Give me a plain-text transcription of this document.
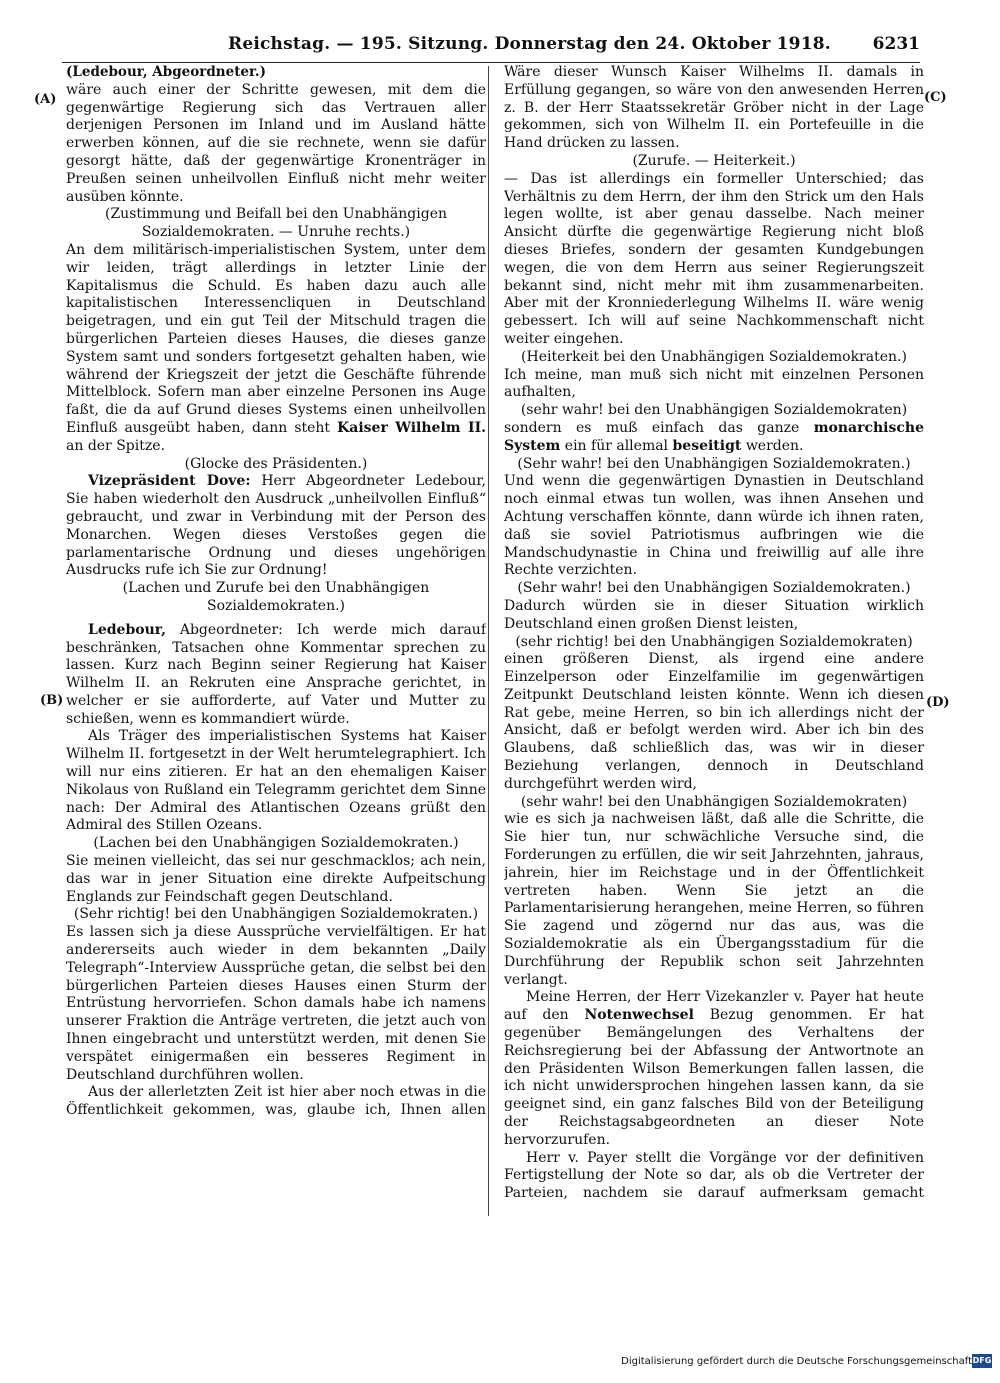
Reichstag. — 195. Sitzung. Donnerstag den 24. Oktober 1918. 6231
(A)
(B)
(C)
(D)

(Ledebour, Abgeordneter.)

wäre auch einer der Schritte gewesen, mit dem die gegenwärtige Regierung sich das Vertrauen aller derjenigen Personen im Inland und im Ausland hätte erwerben können, auf die sie rechnete, wenn sie dafür gesorgt hätte, daß der gegenwärtige Kronenträger in Preußen seinen unheilvollen Einfluß nicht mehr weiter ausüben könnte.

(Zustimmung und Beifall bei den Unabhängigen Sozialdemokraten. — Unruhe rechts.)

An dem militärisch-imperialistischen System, unter dem wir leiden, trägt allerdings in letzter Linie der Kapitalismus die Schuld. Es haben dazu auch alle kapitalistischen Interessencliquen in Deutschland beigetragen, und ein gut Teil der Mitschuld tragen die bürgerlichen Parteien dieses Hauses, die dieses ganze System samt und sonders fortgesetzt gehalten haben, wie während der Kriegszeit der jetzt die Geschäfte führende Mittelblock. Sofern man aber einzelne Personen ins Auge faßt, die da auf Grund dieses Systems einen unheilvollen Einfluß ausgeübt haben, dann steht Kaiser Wilhelm II. an der Spitze.

(Glocke des Präsidenten.)

Vizepräsident Dove: Herr Abgeordneter Ledebour, Sie haben wiederholt den Ausdruck „unheilvollen Einfluß“ gebraucht, und zwar in Verbindung mit der Person des Monarchen. Wegen dieses Verstoßes gegen die parlamentarische Ordnung und dieses ungehörigen Ausdrucks rufe ich Sie zur Ordnung!

(Lachen und Zurufe bei den Unabhängigen Sozialdemokraten.)

Ledebour, Abgeordneter: Ich werde mich darauf beschränken, Tatsachen ohne Kommentar sprechen zu lassen. Kurz nach Beginn seiner Regierung hat Kaiser Wilhelm II. an Rekruten eine Ansprache gerichtet, in welcher er sie aufforderte, auf Vater und Mutter zu schießen, wenn es kommandiert würde.

Als Träger des imperialistischen Systems hat Kaiser Wilhelm II. fortgesetzt in der Welt herumtelegraphiert. Ich will nur eins zitieren. Er hat an den ehemaligen Kaiser Nikolaus von Rußland ein Telegramm gerichtet dem Sinne nach: Der Admiral des Atlantischen Ozeans grüßt den Admiral des Stillen Ozeans.

(Lachen bei den Unabhängigen Sozialdemokraten.)

Sie meinen vielleicht, das sei nur geschmacklos; ach nein, das war in jener Situation eine direkte Aufpeitschung Englands zur Feindschaft gegen Deutschland.

(Sehr richtig! bei den Unabhängigen Sozialdemokraten.)

Es lassen sich ja diese Aussprüche vervielfältigen. Er hat andererseits auch wieder in dem bekannten „Daily Telegraph“-Interview Aussprüche getan, die selbst bei den bürgerlichen Parteien dieses Hauses einen Sturm der Entrüstung hervorriefen. Schon damals habe ich namens unserer Fraktion die Anträge vertreten, die jetzt auch von Ihnen eingebracht und unterstützt werden, mit denen Sie verspätet einigermaßen ein besseres Regiment in Deutschland durchführen wollen.

Aus der allerletzten Zeit ist hier aber noch etwas in die Öffentlichkeit gekommen, was, glaube ich, Ihnen allen

Wäre dieser Wunsch Kaiser Wilhelms II. damals in Erfüllung gegangen, so wäre von den anwesenden Herren z. B. der Herr Staatssekretär Gröber nicht in der Lage gekommen, sich von Wilhelm II. ein Portefeuille in die Hand drücken zu lassen.

(Zurufe. — Heiterkeit.)

— Das ist allerdings ein formeller Unterschied; das Verhältnis zu dem Herrn, der ihm den Strick um den Hals legen wollte, ist aber genau dasselbe. Nach meiner Ansicht dürfte die gegenwärtige Regierung nicht bloß dieses Briefes, sondern der gesamten Kundgebungen wegen, die von dem Herrn aus seiner Regierungszeit bekannt sind, nicht mehr mit ihm zusammenarbeiten. Aber mit der Kronniederlegung Wilhelms II. wäre wenig gebessert. Ich will auf seine Nachkommenschaft nicht weiter eingehen.

(Heiterkeit bei den Unabhängigen Sozialdemokraten.)

Ich meine, man muß sich nicht mit einzelnen Personen aufhalten,

(sehr wahr! bei den Unabhängigen Sozialdemokraten)

sondern es muß einfach das ganze monarchische System ein für allemal beseitigt werden.

(Sehr wahr! bei den Unabhängigen Sozialdemokraten.)

Und wenn die gegenwärtigen Dynastien in Deutschland noch einmal etwas tun wollen, was ihnen Ansehen und Achtung verschaffen könnte, dann würde ich ihnen raten, daß sie soviel Patriotismus aufbringen wie die Mandschudynastie in China und freiwillig auf alle ihre Rechte verzichten.

(Sehr wahr! bei den Unabhängigen Sozialdemokraten.)

Dadurch würden sie in dieser Situation wirklich Deutschland einen großen Dienst leisten,

(sehr richtig! bei den Unabhängigen Sozialdemokraten)

einen größeren Dienst, als irgend eine andere Einzelperson oder Einzelfamilie im gegenwärtigen Zeitpunkt Deutschland leisten könnte. Wenn ich diesen Rat gebe, meine Herren, so bin ich allerdings nicht der Ansicht, daß er befolgt werden wird. Aber ich bin des Glaubens, daß schließlich das, was wir in dieser Beziehung verlangen, dennoch in Deutschland durchgeführt werden wird,

(sehr wahr! bei den Unabhängigen Sozialdemokraten)

wie es sich ja nachweisen läßt, daß alle die Schritte, die Sie hier tun, nur schwächliche Versuche sind, die Forderungen zu erfüllen, die wir seit Jahrzehnten, jahraus, jahrein, hier im Reichstage und in der Öffentlichkeit vertreten haben. Wenn Sie jetzt an die Parlamentarisierung herangehen, meine Herren, so führen Sie zagend und zögernd nur das aus, was die Sozialdemokratie als ein Übergangsstadium für die Durchführung der Republik schon seit Jahrzehnten verlangt.

Meine Herren, der Herr Vizekanzler v. Payer hat heute auf den Notenwechsel Bezug genommen. Er hat gegenüber Bemängelungen des Verhaltens der Reichsregierung bei der Abfassung der Antwortnote an den Präsidenten Wilson Bemerkungen fallen lassen, die ich nicht unwidersprochen hingehen lassen kann, da sie geeignet sind, ein ganz falsches Bild von der Beteiligung der Reichstagsabgeordneten an dieser Note hervorzurufen.

Herr v. Payer stellt die Vorgänge vor der definitiven Fertigstellung der Note so dar, als ob die Vertreter der Parteien, nachdem sie darauf aufmerksam gemacht

Digitalisierung gefördert durch die Deutsche Forschungsgemeinschaft DFG
